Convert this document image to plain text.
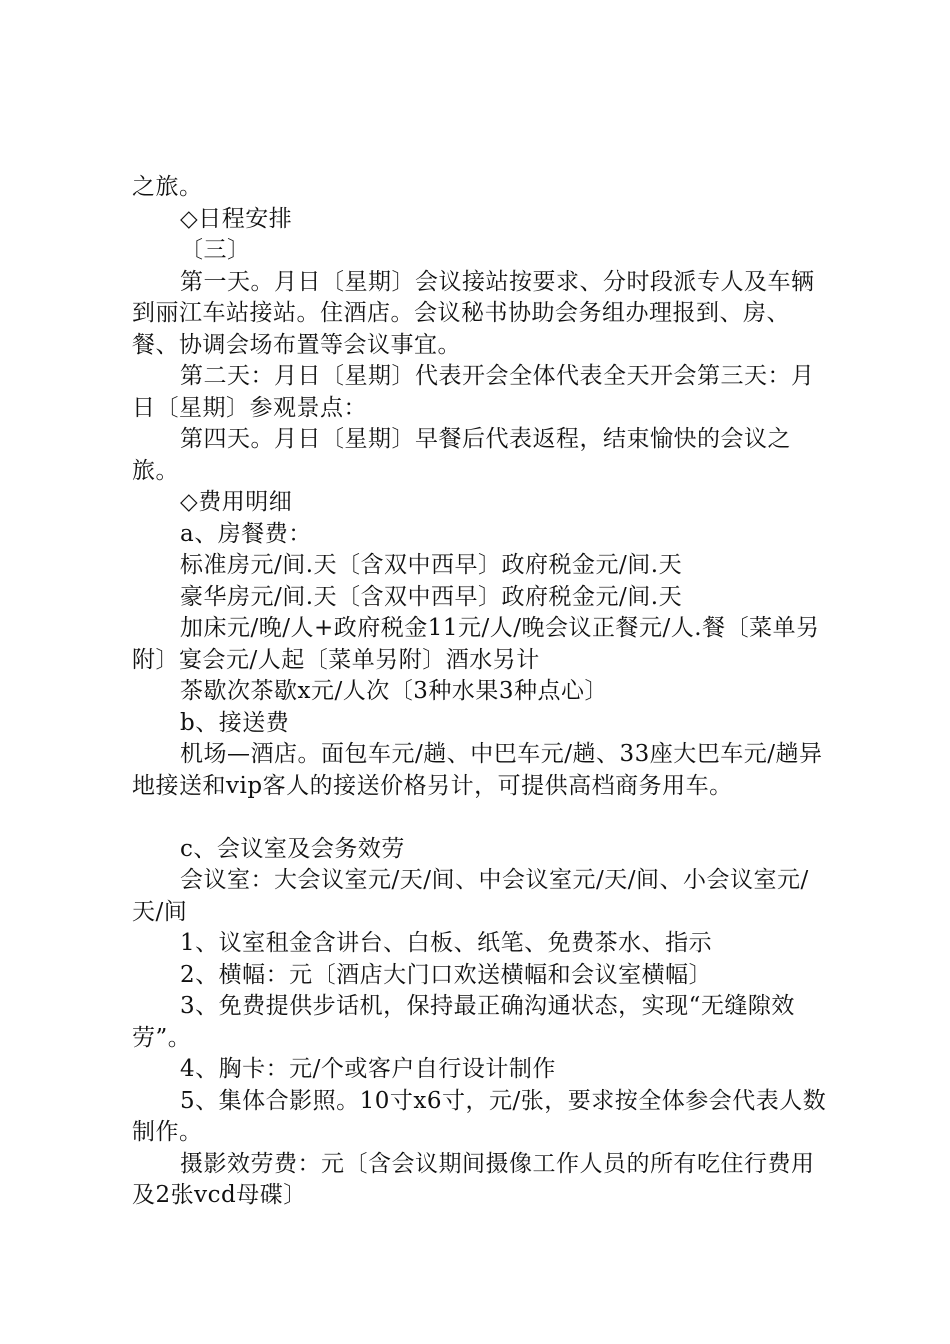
之旅。

◇日程安排

〔三〕

第一天。月日〔星期〕会议接站按要求、分时段派专人及车辆到丽江车站接站。住酒店。会议秘书协助会务组办理报到、房、餐、协调会场布置等会议事宜。

第二天：月日〔星期〕代表开会全体代表全天开会第三天：月日〔星期〕参观景点：

第四天。月日〔星期〕早餐后代表返程，结束愉快的会议之旅。

◇费用明细

a、房餐费：

标准房元/间.天〔含双中西早〕政府税金元/间.天

豪华房元/间.天〔含双中西早〕政府税金元/间.天

加床元/晚/人+政府税金11元/人/晚会议正餐元/人.餐〔菜单另附〕宴会元/人起〔菜单另附〕酒水另计

茶歇次茶歇x元/人次〔3种水果3种点心〕

b、接送费

机场—酒店。面包车元/趟、中巴车元/趟、33座大巴车元/趟异地接送和vip客人的接送价格另计，可提供高档商务用车。

c、会议室及会务效劳

会议室：大会议室元/天/间、中会议室元/天/间、小会议室元/天/间

1、议室租金含讲台、白板、纸笔、免费茶水、指示

2、横幅：元〔酒店大门口欢送横幅和会议室横幅〕

3、免费提供步话机，保持最正确沟通状态，实现“无缝隙效劳”。

4、胸卡：元/个或客户自行设计制作

5、集体合影照。10寸x6寸，元/张，要求按全体参会代表人数制作。

摄影效劳费：元〔含会议期间摄像工作人员的所有吃住行费用及2张vcd母碟〕
